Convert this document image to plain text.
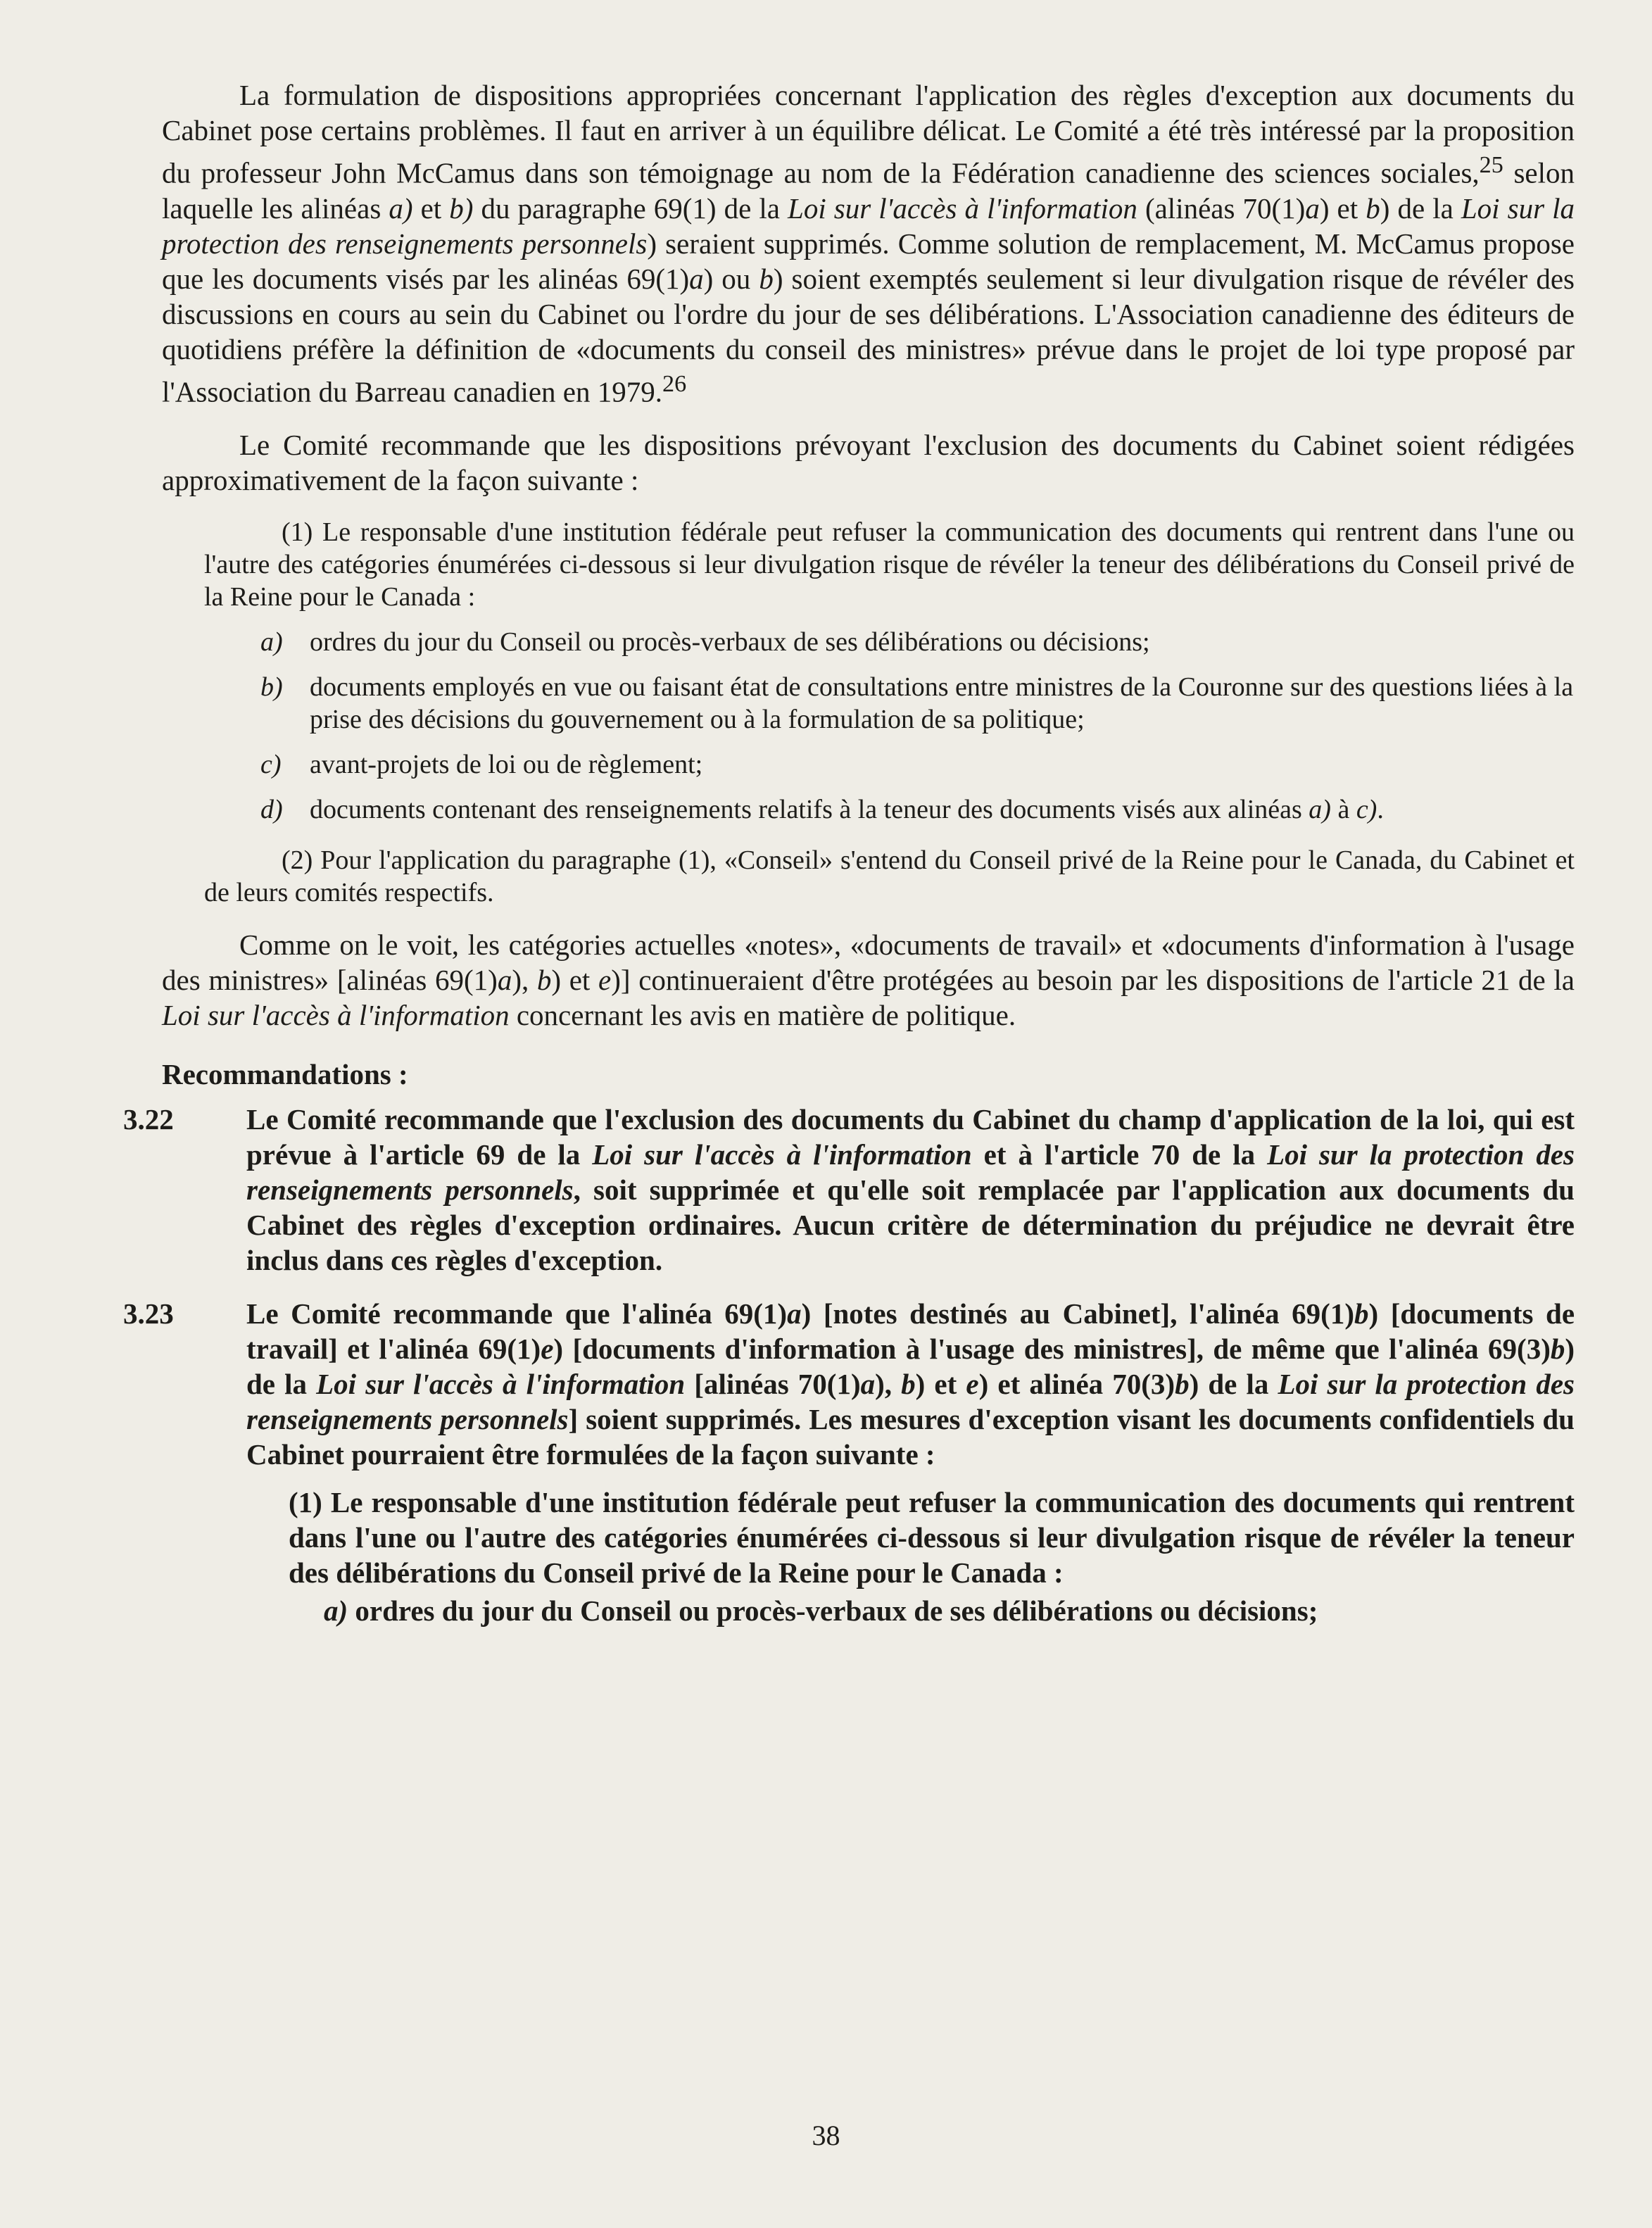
La formulation de dispositions appropriées concernant l'application des règles d'exception aux documents du Cabinet pose certains problèmes. Il faut en arriver à un équilibre délicat. Le Comité a été très intéressé par la proposition du professeur John McCamus dans son témoignage au nom de la Fédération canadienne des sciences sociales,$^{25}$ selon laquelle les alinéas a) et b) du paragraphe 69(1) de la Loi sur l'accès à l'information (alinéas 70(1)a) et b) de la Loi sur la protection des renseignements personnels) seraient supprimés. Comme solution de remplacement, M. McCamus propose que les documents visés par les alinéas 69(1)a) ou b) soient exemptés seulement si leur divulgation risque de révéler des discussions en cours au sein du Cabinet ou l'ordre du jour de ses délibérations. L'Association canadienne des éditeurs de quotidiens préfère la définition de «documents du conseil des ministres» prévue dans le projet de loi type proposé par l'Association du Barreau canadien en 1979.26

Le Comité recommande que les dispositions prévoyant l'exclusion des documents du Cabinet soient rédigées approximativement de la façon suivante :

(1) Le responsable d'une institution fédérale peut refuser la communication des documents qui rentrent dans l'une ou l'autre des catégories énumérées ci-dessous si leur divulgation risque de révéler la teneur des délibérations du Conseil privé de la Reine pour le Canada :

a) ordres du jour du Conseil ou procès-verbaux de ses délibérations ou décisions;
b) documents employés en vue ou faisant état de consultations entre ministres de la Couronne sur des questions liées à la prise des décisions du gouvernement ou à la formulation de sa politique;
c) avant-projets de loi ou de règlement;
d) documents contenant des renseignements relatifs à la teneur des documents visés aux alinéas a) à c).

(2) Pour l'application du paragraphe (1), «Conseil» s'entend du Conseil privé de la Reine pour le Canada, du Cabinet et de leurs comités respectifs.

Comme on le voit, les catégories actuelles «notes», «documents de travail» et «documents d'information à l'usage des ministres» [alinéas 69(1)a), b) et e)] continueraient d'être protégées au besoin par les dispositions de l'article 21 de la Loi sur l'accès à l'information concernant les avis en matière de politique.

Recommandations :

3.22	Le Comité recommande que l'exclusion des documents du Cabinet du champ d'application de la loi, qui est prévue à l'article 69 de la Loi sur l'accès à l'information et à l'article 70 de la Loi sur la protection des renseignements personnels, soit supprimée et qu'elle soit remplacée par l'application aux documents du Cabinet des règles d'exception ordinaires. Aucun critère de détermination du préjudice ne devrait être inclus dans ces règles d'exception.
3.23	Le Comité recommande que l'alinéa 69(1)a) [notes destinés au Cabinet], l'alinéa 69(1)b) [documents de travail] et l'alinéa 69(1)e) [documents d'information à l'usage des ministres], de même que l'alinéa 69(3)b) de la Loi sur l'accès à l'information [alinéas 70(1)a), b) et e) et alinéa 70(3)b) de la Loi sur la protection des renseignements personnels] soient supprimés. Les mesures d'exception visant les documents confidentiels du Cabinet pourraient être formulées de la façon suivante :

(1) Le responsable d'une institution fédérale peut refuser la communication des documents qui rentrent dans l'une ou l'autre des catégories énumérées ci-dessous si leur divulgation risque de révéler la teneur des délibérations du Conseil privé de la Reine pour le Canada :

a) ordres du jour du Conseil ou procès-verbaux de ses délibérations ou décisions;

38
